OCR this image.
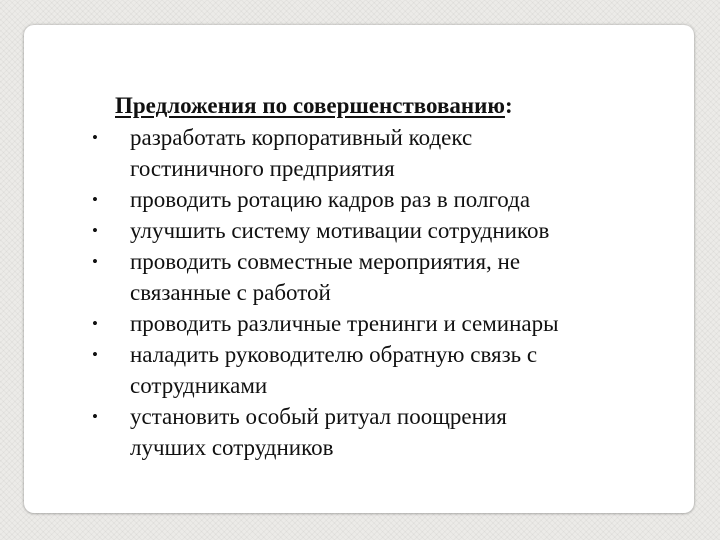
Предложения по совершенствованию:
•	разработать корпоративный кодекс
гостиничного предприятия
•	проводить ротацию кадров раз в полгода
•	улучшить систему мотивации сотрудников
•	проводить совместные мероприятия, не
связанные с работой
•	проводить различные тренинги и семинары
•	наладить руководителю обратную связь с
сотрудниками
•	установить особый ритуал поощрения
лучших сотрудников
